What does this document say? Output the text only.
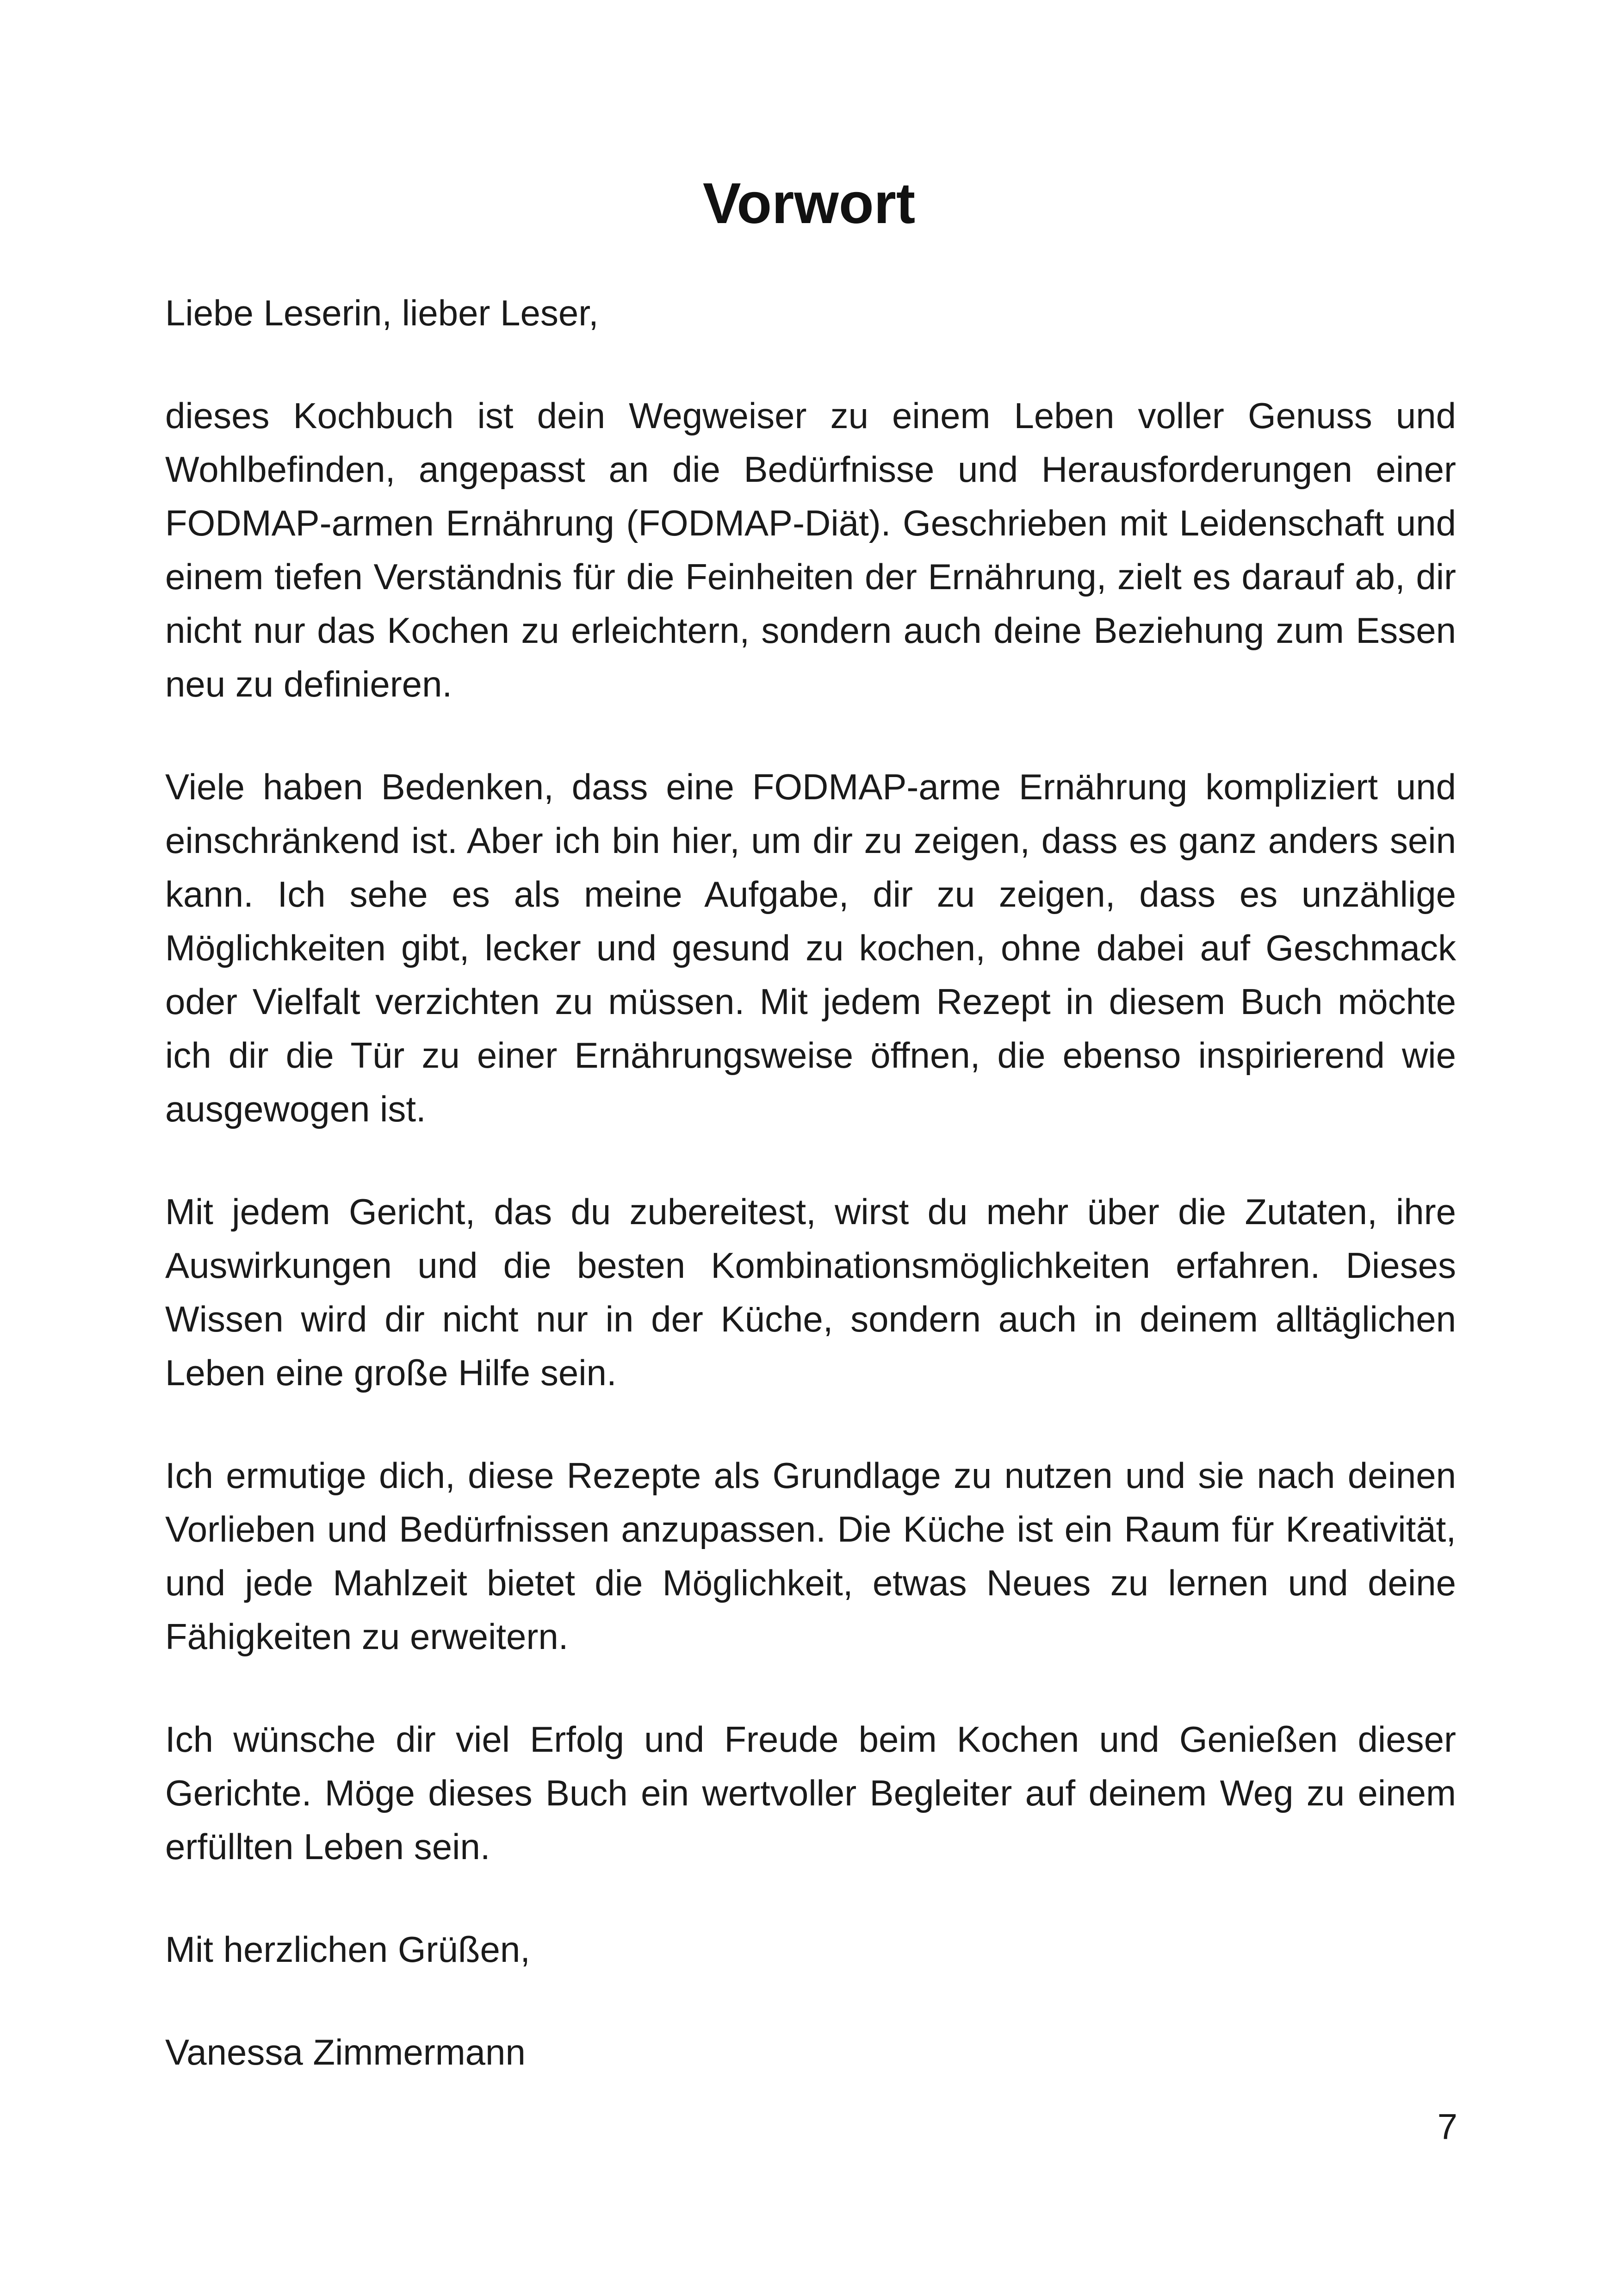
Vorwort

Liebe Leserin, lieber Leser,

dieses Kochbuch ist dein Wegweiser zu einem Leben voller Genuss und Wohlbefinden, angepasst an die Bedürfnisse und Herausforderungen einer FODMAP-armen Ernährung (FODMAP-Diät). Geschrieben mit Leidenschaft und einem tiefen Verständnis für die Feinheiten der Ernährung, zielt es darauf ab, dir nicht nur das Kochen zu erleichtern, sondern auch deine Beziehung zum Essen neu zu definieren.

Viele haben Bedenken, dass eine FODMAP-arme Ernährung kompliziert und einschränkend ist. Aber ich bin hier, um dir zu zeigen, dass es ganz anders sein kann. Ich sehe es als meine Aufgabe, dir zu zeigen, dass es unzählige Möglichkeiten gibt, lecker und gesund zu kochen, ohne dabei auf Geschmack oder Vielfalt verzichten zu müssen. Mit jedem Rezept in diesem Buch möchte ich dir die Tür zu einer Ernährungsweise öffnen, die ebenso inspirierend wie ausgewogen ist.

Mit jedem Gericht, das du zubereitest, wirst du mehr über die Zutaten, ihre Auswirkungen und die besten Kombinationsmöglichkeiten erfahren. Dieses Wissen wird dir nicht nur in der Küche, sondern auch in deinem alltäglichen Leben eine große Hilfe sein.

Ich ermutige dich, diese Rezepte als Grundlage zu nutzen und sie nach deinen Vorlieben und Bedürfnissen anzupassen. Die Küche ist ein Raum für Kreativität, und jede Mahlzeit bietet die Möglichkeit, etwas Neues zu lernen und deine Fähigkeiten zu erweitern.

Ich wünsche dir viel Erfolg und Freude beim Kochen und Genießen dieser Gerichte. Möge dieses Buch ein wertvoller Begleiter auf deinem Weg zu einem erfüllten Leben sein.

Mit herzlichen Grüßen,

Vanessa Zimmermann

7
